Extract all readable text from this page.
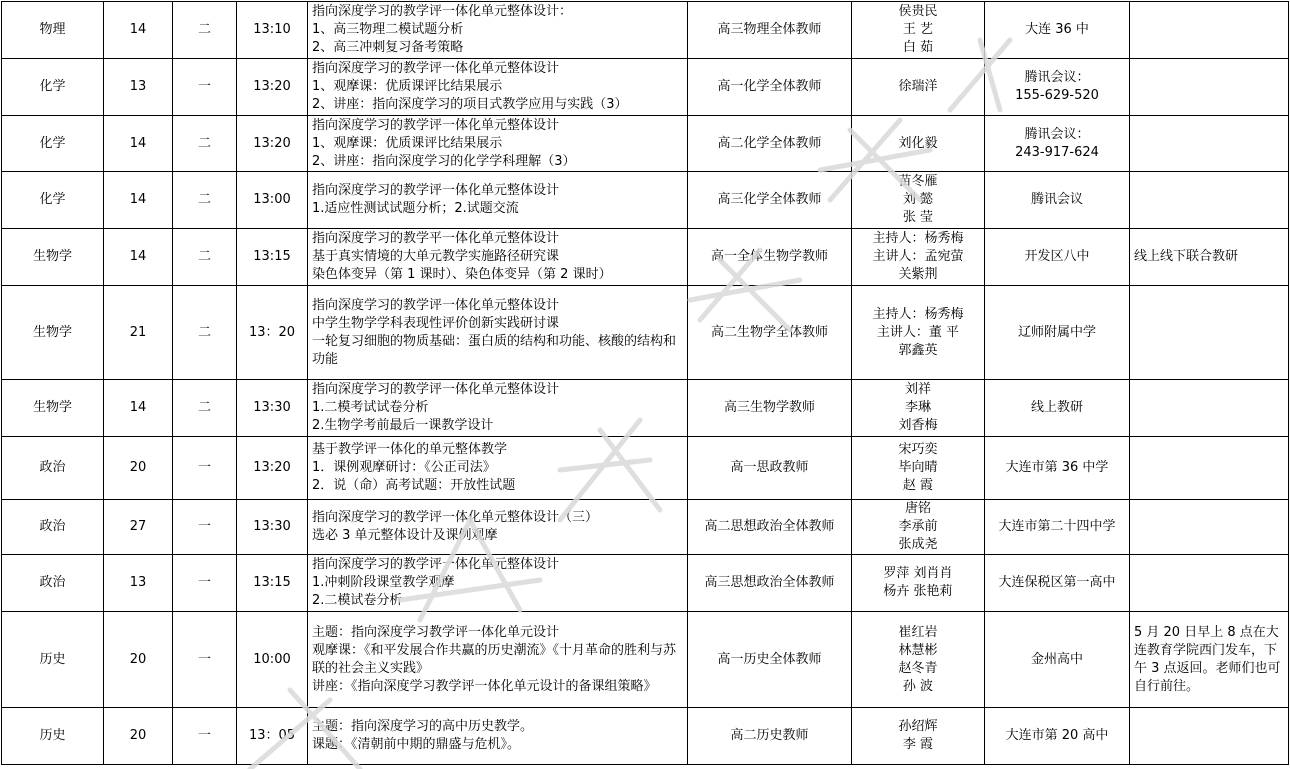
物理	14	二	13:10	指向深度学习的教学评一体化单元整体设计：
1、高三物理二模试题分析
2、高三冲刺复习备考策略	高三物理全体教师	侯贵民
王 艺
白 茹	大连 36 中	

化学	13	一	13:20	指向深度学习的教学评一体化单元整体设计
1、观摩课：优质课评比结果展示
2、讲座：指向深度学习的项目式教学应用与实践（3）	高一化学全体教师	徐瑞洋	腾讯会议：
155-629-520	

化学	14	二	13:20	指向深度学习的教学评一体化单元整体设计
1、观摩课：优质课评比结果展示
2、讲座：指向深度学习的化学学科理解（3）	高二化学全体教师	刘化毅	腾讯会议：
243-917-624	

化学	14	二	13:00	指向深度学习的教学评一体化单元整体设计
1.适应性测试试题分析；2.试题交流	高三化学全体教师	苗冬雁
刘 懿
张 莹	腾讯会议	

生物学	14	二	13:15	指向深度学习的教学平一体化单元整体设计
基于真实情境的大单元教学实施路径研究课
染色体变异（第 1 课时）、染色体变异（第 2 课时）	高一全体生物学教师	主持人：杨秀梅
主讲人：孟宛萤
关紫荆	开发区八中	线上线下联合教研

生物学	21	二	13：20	指向深度学习的教学评一体化单元整体设计
中学生物学学科表现性评价创新实践研讨课
一轮复习细胞的物质基础：蛋白质的结构和功能、核酸的结构和功能	高二生物学全体教师	主持人：杨秀梅
主讲人：董 平
郭鑫英	辽师附属中学	

生物学	14	二	13:30	指向深度学习的教学评一体化单元整体设计
1.二模考试试卷分析
2.生物学考前最后一课教学设计	高三生物学教师	刘祥
李琳
刘香梅	线上教研	

政治	20	一	13:20	基于教学评一体化的单元整体教学
1．课例观摩研讨：《公正司法》
2．说（命）高考试题：开放性试题	高一思政教师	宋巧奕
毕向晴
赵 霞	大连市第 36 中学	

政治	27	一	13:30	指向深度学习的教学评一体化单元整体设计（三）
选必 3 单元整体设计及课例观摩	高二思想政治全体教师	唐铭
李承前
张成尧	大连市第二十四中学	

政治	13	一	13:15	指向深度学习的教学评一体化单元整体设计
1.冲刺阶段课堂教学观摩
2.二模试卷分析	高三思想政治全体教师	罗萍 刘肖肖
杨卉 张艳莉	大连保税区第一高中	

历史	20	一	10:00	主题：指向深度学习教学评一体化单元设计
观摩课：《和平发展合作共赢的历史潮流》《十月革命的胜利与苏联的社会主义实践》
讲座：《指向深度学习教学评一体化单元设计的备课组策略》	高一历史全体教师	崔红岩
林慧彬
赵冬青
孙 波	金州高中	5 月 20 日早上 8 点在大连教育学院西门发车，下午 3 点返回。老师们也可自行前往。

历史	20	一	13：05	主题：指向深度学习的高中历史教学。
课题：《清朝前中期的鼎盛与危机》。	高二历史教师	孙绍辉
李 霞	大连市第 20 高中	
